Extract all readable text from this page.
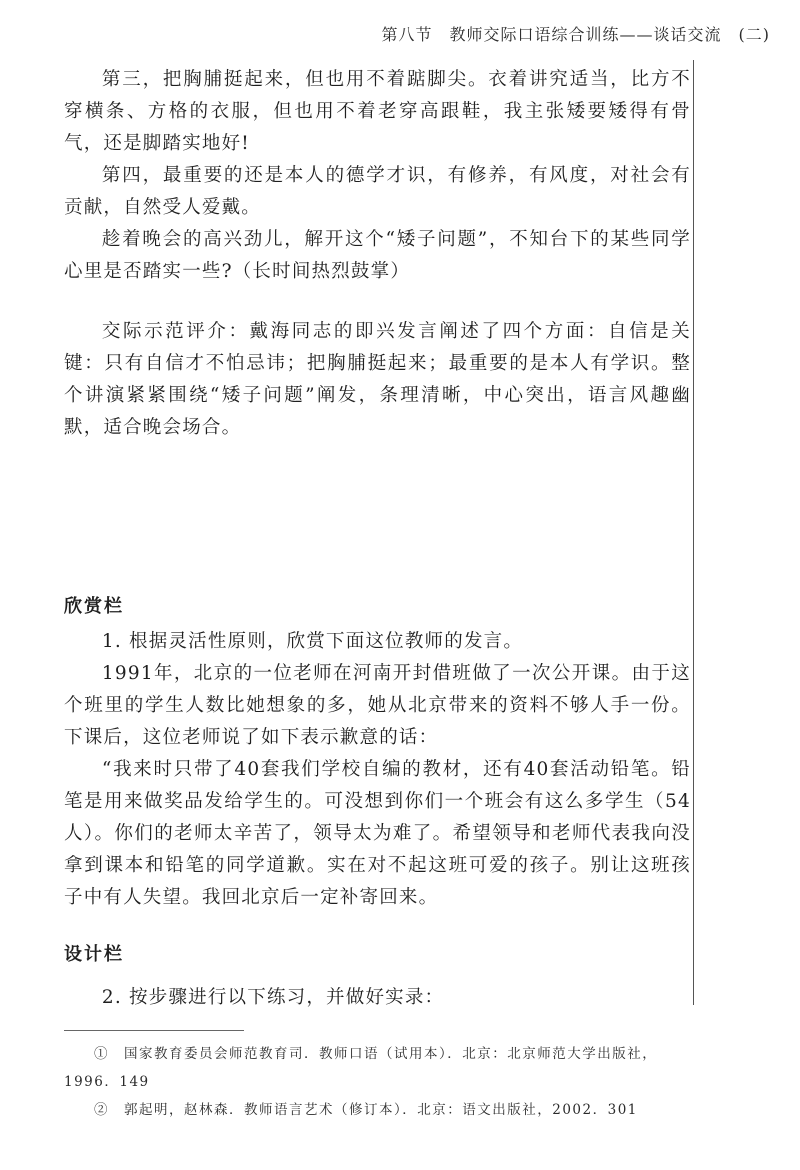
第八节　教师交际口语综合训练——谈话交流　(二)

第三，把胸脯挺起来，但也用不着踮脚尖。衣着讲究适当，比方不穿横条、方格的衣服，但也用不着老穿高跟鞋，我主张矮要矮得有骨气，还是脚踏实地好!

第四，最重要的还是本人的德学才识，有修养，有风度，对社会有贡献，自然受人爱戴。

趁着晚会的高兴劲儿，解开这个“矮子问题”，不知台下的某些同学心里是否踏实一些?（长时间热烈鼓掌）

交际示范评介：戴海同志的即兴发言阐述了四个方面：自信是关键：只有自信才不怕忌讳；把胸脯挺起来；最重要的是本人有学识。整个讲演紧紧围绕“矮子问题”阐发，条理清晰，中心突出，语言风趣幽默，适合晚会场合。

欣赏栏

1. 根据灵活性原则，欣赏下面这位教师的发言。

1991年，北京的一位老师在河南开封借班做了一次公开课。由于这个班里的学生人数比她想象的多，她从北京带来的资料不够人手一份。下课后，这位老师说了如下表示歉意的话：

“我来时只带了40套我们学校自编的教材，还有40套活动铅笔。铅笔是用来做奖品发给学生的。可没想到你们一个班会有这么多学生（54人）。你们的老师太辛苦了，领导太为难了。希望领导和老师代表我向没拿到课本和铅笔的同学道歉。实在对不起这班可爱的孩子。别让这班孩子中有人失望。我回北京后一定补寄回来。

设计栏

2. 按步骤进行以下练习，并做好实录：

①　国家教育委员会师范教育司．教师口语（试用本）．北京：北京师范大学出版社，
1996．149
②　郭起明，赵林森．教师语言艺术（修订本）．北京：语文出版社，2002．301
